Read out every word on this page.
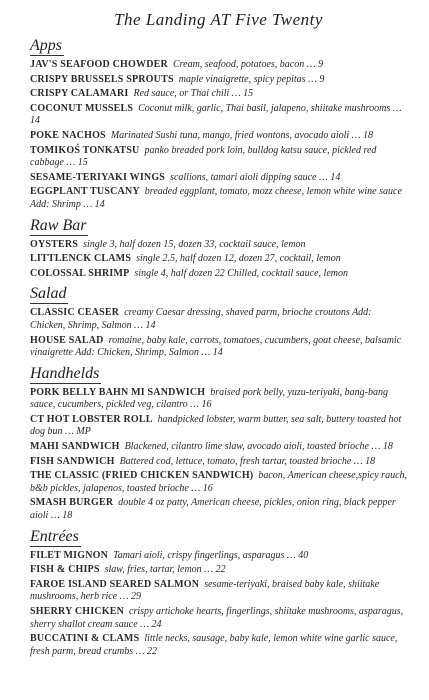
The Landing AT Five Twenty
Apps
JAV'S SEAFOOD CHOWDER Cream, seafood, potatoes, bacon … 9
CRISPY BRUSSELS SPROUTS maple vinaigrette, spicy pepitas … 9
CRISPY CALAMARI Red sauce, or Thai chili … 15
COCONUT MUSSELS Coconut milk, garlic, Thai basil, jalapeno, shiitake mushrooms … 14
POKE NACHOS Marinated Sushi tuna, mango, fried wontons, avocado aioli … 18
TOMIKOŚ TONKATSU panko breaded pork loin, bulldog katsu sauce, pickled red cabbage … 15
SESAME-TERIYAKI WINGS scallions, tamari aioli dipping sauce … 14
EGGPLANT TUSCANY breaded eggplant, tomato, mozz cheese, lemon white wine sauce Add: Shrimp … 14
Raw Bar
OYSTERS single 3, half dozen 15, dozen 33, cocktail sauce, lemon
LITTLENCK CLAMS single 2.5, half dozen 12, dozen 27, cocktail, lemon
COLOSSAL SHRIMP single 4, half dozen 22 Chilled, cocktail sauce, lemon
Salad
CLASSIC CEASER creamy Caesar dressing, shaved parm, brioche croutons Add: Chicken, Shrimp, Salmon … 14
HOUSE SALAD romaine, baby kale, carrots, tomatoes, cucumbers, goat cheese, balsamic vinaigrette Add: Chicken, Shrimp, Salmon … 14
Handhelds
PORK BELLY BAHN MI SANDWICH braised pork belly, yuzu-teriyaki, bang-bang sauce, cucumbers, pickled veg, cilantro … 16
CT HOT LOBSTER ROLL handpicked lobster, warm butter, sea salt, buttery toasted hot dog bun … MP
MAHI SANDWICH Blackened, cilantro lime slaw, avocado aioli, toasted brioche … 18
FISH SANDWICH Battered cod, lettuce, tomato, fresh tartar, toasted brioche … 18
THE CLASSIC (FRIED CHICKEN SANDWICH) bacon, American cheese,spicy rauch, b&b pickles, jalapenos, toasted brioche … 16
SMASH BURGER double 4 oz patty, American cheese, pickles, onion ring, black pepper aioli … 18
Entrées
FILET MIGNON Tamari aioli, crispy fingerlings, asparagus … 40
FISH & CHIPS slaw, fries, tartar, lemon … 22
FAROE ISLAND SEARED SALMON sesame-teriyaki, braised baby kale, shiitake mushrooms, herb rice … 29
SHERRY CHICKEN crispy artichoke hearts, fingerlings, shiitake mushrooms, asparagus, sherry shallot cream sauce … 24
BUCCATINI & CLAMS little necks, sausage, baby kale, lemon white wine garlic sauce, fresh parm, bread crumbs … 22
